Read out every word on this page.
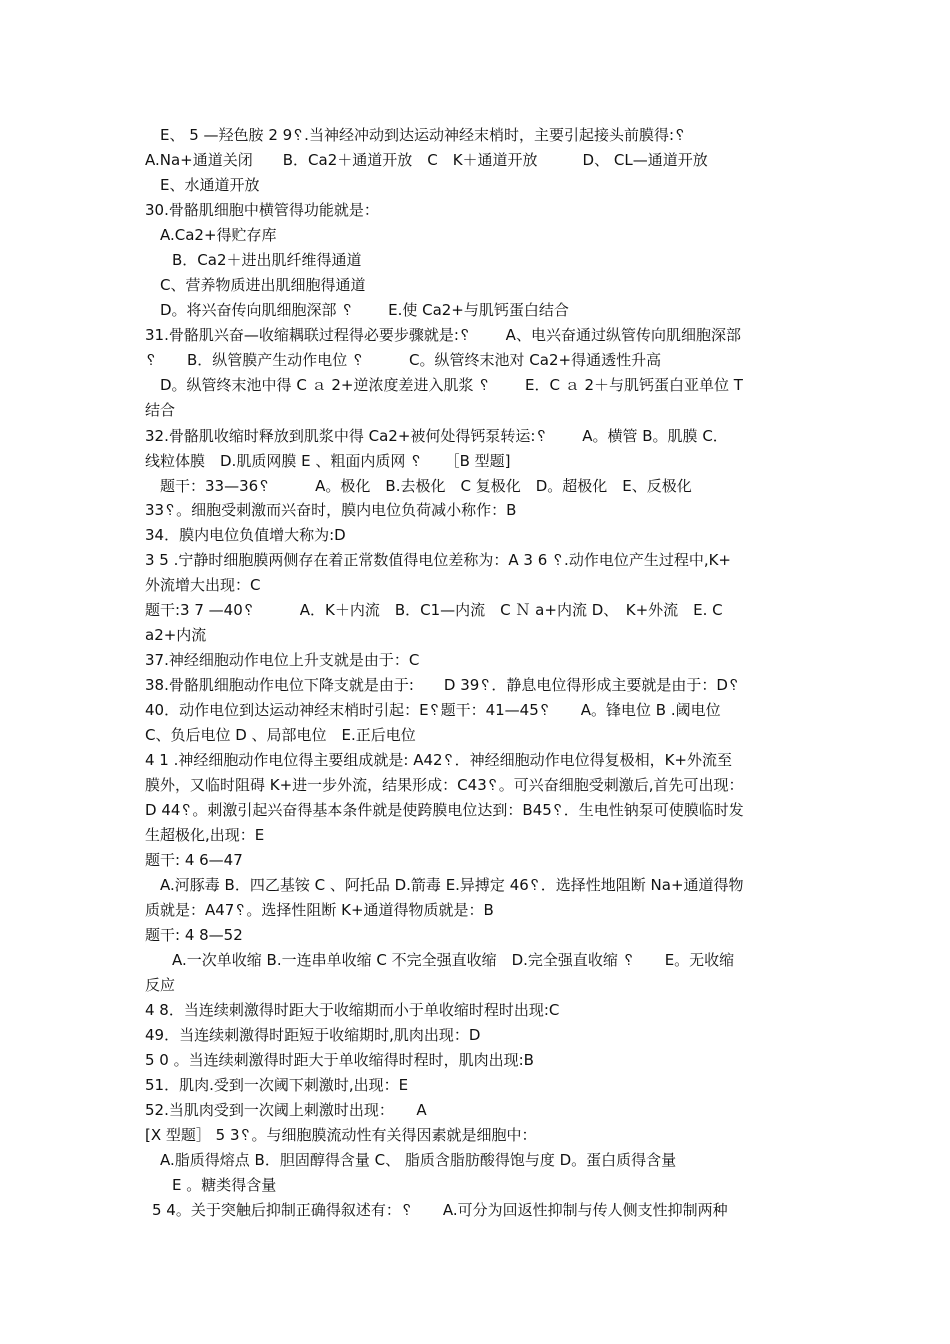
E、 5 —羟色胺 2 9␦.当神经冲动到达运动神经末梢时，主要引起接头前膜得:␦
A.Na+通道关闭　　B．Ca2＋通道开放　C　K＋通道开放　　　D、 CL—通道开放
E、水通道开放
30.骨骼肌细胞中横管得功能就是：
A.Ca2+得贮存库
B．Ca2＋进出肌纤维得通道
C、营养物质进出肌细胞得通道
D。将兴奋传向肌细胞深部 ␦　　 E.使 Ca2+与肌钙蛋白结合
31.骨骼肌兴奋—收缩耦联过程得必要步骤就是:␦　　 A、电兴奋通过纵管传向肌细胞深部
␦　　B．纵管膜产生动作电位 ␦　　　C。纵管终末池对 Ca2+得通透性升高
D。纵管终末池中得 C ａ 2+逆浓度差进入肌浆 ␦　　 E．C ａ 2＋与肌钙蛋白亚单位 T
结合
32.骨骼肌收缩时释放到肌浆中得 Ca2+被何处得钙泵转运:␦　　 A。横管 B。肌膜 C．
线粒体膜　D.肌质网膜 E 、粗面内质网 ␦　　［B 型题]
题干：33—36␦　　　A。极化　B.去极化　C 复极化　D。超极化　E、反极化
33␦。细胞受刺激而兴奋时，膜内电位负荷减小称作：B
34．膜内电位负值增大称为:D
3 5 .宁静时细胞膜两侧存在着正常数值得电位差称为：A 3 6 ␦.动作电位产生过程中,K+
外流增大出现：C
题干:3 7 —40␦　　　A．K＋内流　B．C1—内流　C Ｎ a+内流 D、　K+外流　E. C
a2+内流
37.神经细胞动作电位上升支就是由于：C
38.骨骼肌细胞动作电位下降支就是由于:　　D 39␦．静息电位得形成主要就是由于：D␦
40．动作电位到达运动神经末梢时引起：E␦题干：41—45␦　　A。锋电位 B .阈电位
C、负后电位 D 、局部电位　E.正后电位
4 1 .神经细胞动作电位得主要组成就是: A42␦．神经细胞动作电位得复极相，K+外流至
膜外，又临时阻碍 K+进一步外流，结果形成：C43␦。可兴奋细胞受刺激后,首先可出现：
D 44␦。刺激引起兴奋得基本条件就是使跨膜电位达到：B45␦．生电性钠泵可使膜临时发
生超极化,出现：E
题干: 4 6—47
A.河豚毒 B．四乙基铵 C 、阿托品 D.箭毒 E.异搏定 46␦．选择性地阻断 Na+通道得物
质就是：A47␦。选择性阻断 K+通道得物质就是：B
题干: 4 8—52
A.一次单收缩 B.一连串单收缩 C 不完全强直收缩　D.完全强直收缩 ␦　　E。无收缩
反应
4 8．当连续刺激得时距大于收缩期而小于单收缩时程时出现:C
49．当连续刺激得时距短于收缩期时,肌肉出现：D
5 0 。当连续刺激得时距大于单收缩得时程时，肌肉出现:B
51．肌肉.受到一次阈下刺激时,出现：E
52.当肌肉受到一次阈上刺激时出现：　　A
[X 型题］ 5 3␦。与细胞膜流动性有关得因素就是细胞中：
A.脂质得熔点 B．胆固醇得含量 C、 脂质含脂肪酸得饱与度 D。蛋白质得含量
E 。糖类得含量
5 4。关于突触后抑制正确得叙述有：␦　　A.可分为回返性抑制与传人侧支性抑制两种
